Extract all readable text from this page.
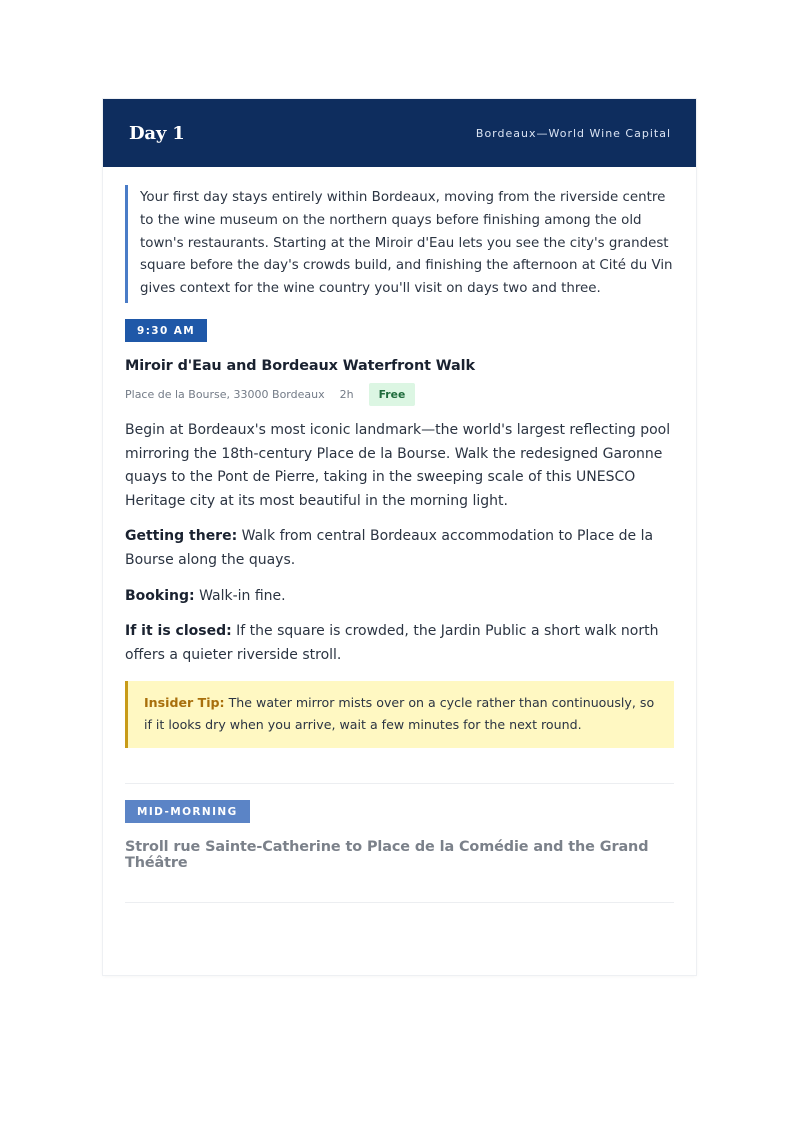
Day 1	Bordeaux—World Wine Capital
Your first day stays entirely within Bordeaux, moving from the riverside centre to the wine museum on the northern quays before finishing among the old town's restaurants. Starting at the Miroir d'Eau lets you see the city's grandest square before the day's crowds build, and finishing the afternoon at Cité du Vin gives context for the wine country you'll visit on days two and three.
9:30 AM
Miroir d'Eau and Bordeaux Waterfront Walk
Place de la Bourse, 33000 Bordeaux 2h	Free
Begin at Bordeaux's most iconic landmark—the world's largest reflecting pool mirroring the 18th-century Place de la Bourse. Walk the redesigned Garonne quays to the Pont de Pierre, taking in the sweeping scale of this UNESCO Heritage city at its most beautiful in the morning light.
Getting there: Walk from central Bordeaux accommodation to Place de la Bourse along the quays.
Booking: Walk-in fine.
If it is closed: If the square is crowded, the Jardin Public a short walk north offers a quieter riverside stroll.
Insider Tip: The water mirror mists over on a cycle rather than continuously, so if it looks dry when you arrive, wait a few minutes for the next round.
MID-MORNING
Stroll rue Sainte-Catherine to Place de la Comédie and the Grand Théâtre
